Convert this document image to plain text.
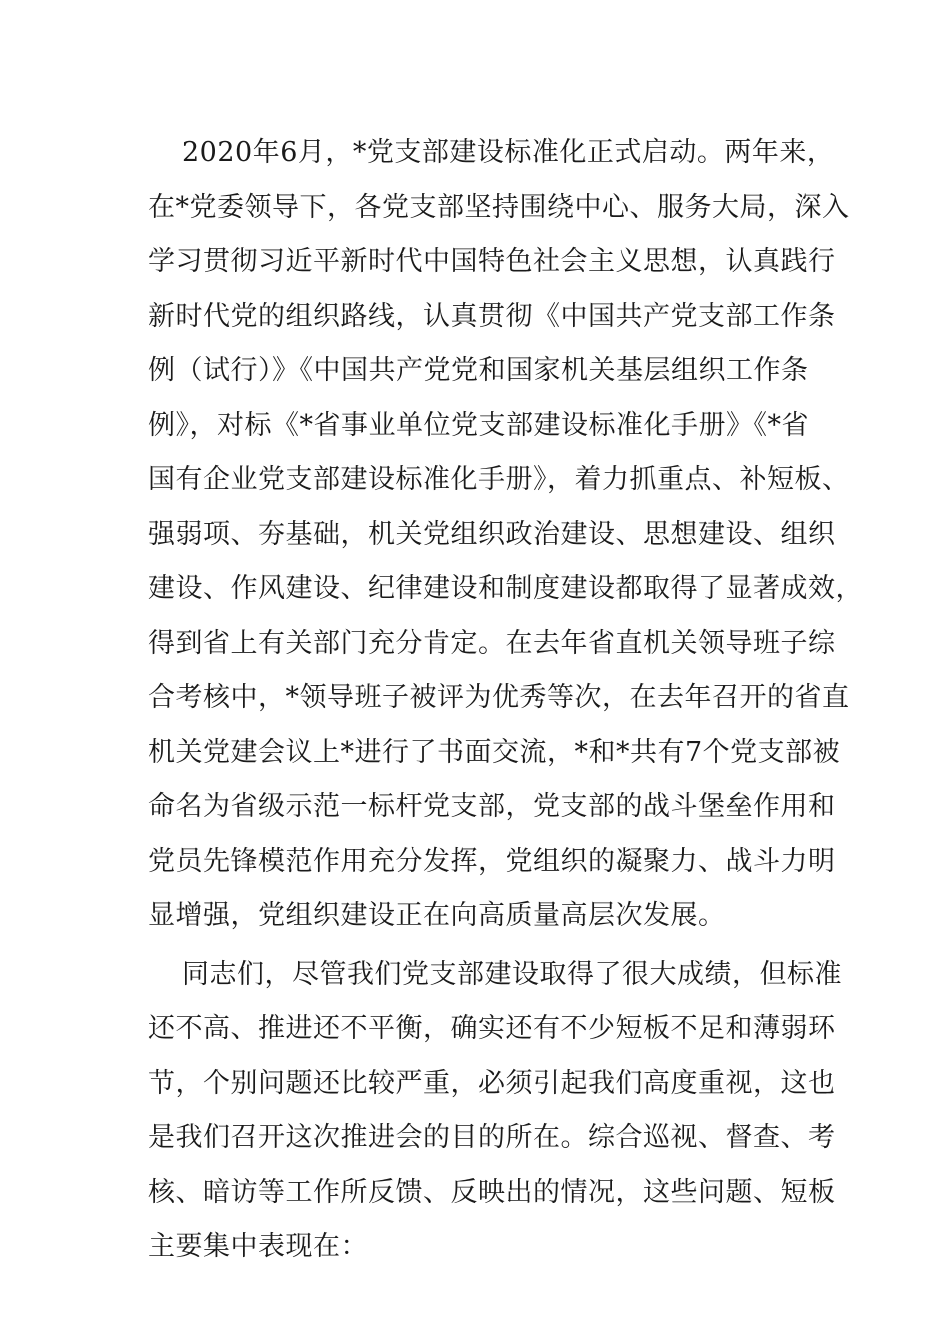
2020年6月，*党支部建设标准化正式启动。两年来，
在*党委领导下，各党支部坚持围绕中心、服务大局，深入
学习贯彻习近平新时代中国特色社会主义思想，认真践行
新时代党的组织路线，认真贯彻《中国共产党支部工作条
例（试行）》《中国共产党党和国家机关基层组织工作条
例》，对标《*省事业单位党支部建设标准化手册》《*省
国有企业党支部建设标准化手册》，着力抓重点、补短板、
强弱项、夯基础，机关党组织政治建设、思想建设、组织
建设、作风建设、纪律建设和制度建设都取得了显著成效，
得到省上有关部门充分肯定。在去年省直机关领导班子综
合考核中，*领导班子被评为优秀等次，在去年召开的省直
机关党建会议上*进行了书面交流，*和*共有7个党支部被
命名为省级示范一标杆党支部，党支部的战斗堡垒作用和
党员先锋模范作用充分发挥，党组织的凝聚力、战斗力明
显增强，党组织建设正在向高质量高层次发展。

同志们，尽管我们党支部建设取得了很大成绩，但标准
还不高、推进还不平衡，确实还有不少短板不足和薄弱环
节，个别问题还比较严重，必须引起我们高度重视，这也
是我们召开这次推进会的目的所在。综合巡视、督查、考
核、暗访等工作所反馈、反映出的情况，这些问题、短板
主要集中表现在：
